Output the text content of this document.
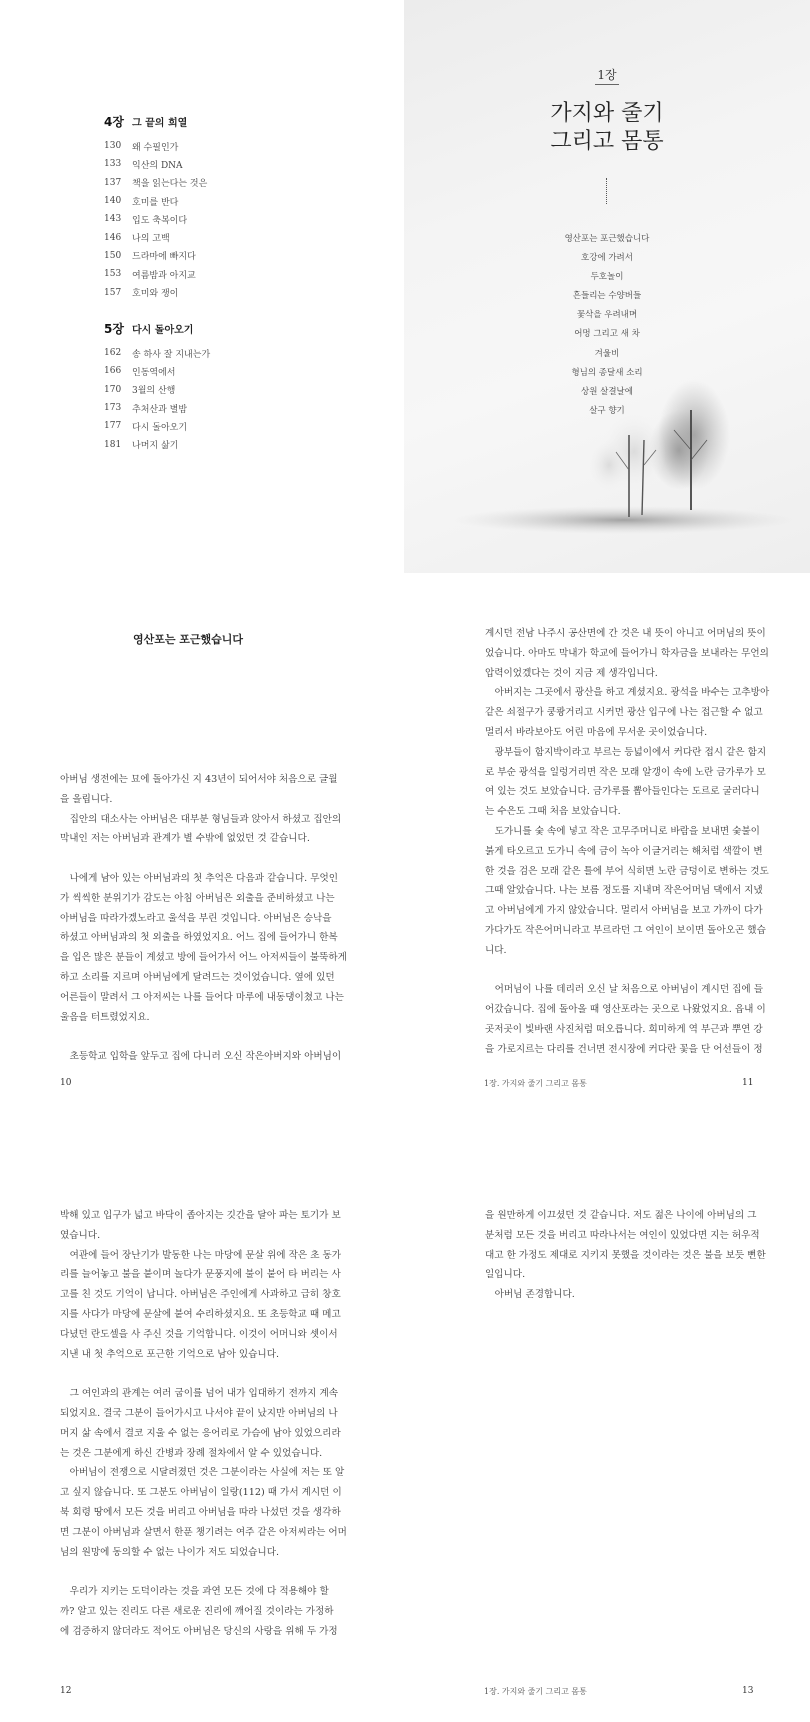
4장 그 끝의 희열
130	왜 수필인가
133	익산의 DNA
137	책을 읽는다는 것은
140	호미를 반다
143	입도 축복이다
146	나의 고백
150	드라마에 빠지다
153	여름밤과 아지교
157	호미와 쟁이
5장 다시 돌아오기
162	송 하사 잘 지내는가
166	인동역에서
170	3월의 산행
173	추처산과 별밤
177	다시 돌아오기
181	나머지 삶기
1장
가지와 줄기
그리고 몸통
영산포는 포근했습니다
호강에 가려서
두호놀이
흔들리는 수양버들
꽃삭을 우려내며
어멍 그리고 새 차
겨울비
형님의 종달새 소리
상원 살결날에
살구 향기
영산포는 포근했습니다

아버님 생전에는 묘에 돌아가신 지 43년이 되어서야 처음으로 글월

을 올립니다.

　집안의 대소사는 아버님은 대부분 형님들과 앉아서 하셨고 집안의

막내인 저는 아버님과 관계가 별 수밖에 없었던 것 같습니다.

　나에게 남아 있는 아버님과의 첫 추억은 다음과 같습니다. 무엇인

가 씩씩한 분위기가 감도는 아침 아버님은 외출을 준비하셨고 나는

아버님을 따라가겠노라고 울석을 부린 것입니다. 아버님은 승낙을

하셨고 아버님과의 첫 외출을 하였었지요. 어느 집에 들어가니 한복

을 입은 많은 분들이 계셨고 방에 들어가서 어느 아저씨들이 불뚝하게

하고 소리를 지르며 아버님에게 달려드는 것이었습니다. 옆에 있던

어른들이 말려서 그 아저씨는 나를 들어다 마루에 내동댕이쳤고 나는

울음을 터트렸었지요.

　초등학교 입학을 앞두고 집에 다니러 오신 작은아버지와 아버님이

계시던 전남 나주시 공산면에 간 것은 내 뜻이 아니고 어머님의 뜻이

었습니다. 아마도 막내가 학교에 들어가니 학자금을 보내라는 무언의

압력이었겠다는 것이 지금 제 생각입니다.

　아버지는 그곳에서 광산을 하고 계셨지요. 광석을 바수는 고추방아

같은 쇠절구가 쿵쾅거리고 시커먼 광산 입구에 나는 접근할 수 없고

멀리서 바라보아도 어린 마음에 무서운 곳이었습니다.

　광부들이 함지박이라고 부르는 등넓이에서 커다란 접시 같은 함지

로 부순 광석을 일렁거리면 작은 모래 알갱이 속에 노란 금가루가 모

여 있는 것도 보았습니다. 금가루를 뽑아들인다는 도르로 굴러다니

는 수은도 그때 처음 보았습니다.

　도가니를 숯 속에 넣고 작은 고무주머니로 바람을 보내면 숯불이

붉게 타오르고 도가니 속에 금이 녹아 이글거리는 해처럼 색깔이 변

한 것을 검은 모래 같은 틀에 부어 식히면 노란 금덩이로 변하는 것도

그때 알았습니다. 나는 보름 정도를 지내며 작은어머님 댁에서 지냈

고 아버님에게 가지 않았습니다. 멀리서 아버님을 보고 가까이 다가

가다가도 작은어머니라고 부르라던 그 여인이 보이면 돌아오곤 했습

니다.

　어머님이 나를 데리러 오신 날 처음으로 아버님이 계시던 집에 들

어갔습니다. 집에 돌아올 때 영산포라는 곳으로 나왔었지요. 읍내 이

곳저곳이 빛바랜 사진처럼 떠오릅니다. 희미하게 역 부근과 뿌연 강

을 가로지르는 다리를 건너면 전시장에 커다란 꽃을 단 어선들이 정

10	1장. 가지와 줄기 그리고 몸통	11

박해 있고 입구가 넓고 바닥이 좁아지는 깃간을 달아 파는 토기가 보

였습니다.

　여관에 들어 장난기가 발동한 나는 마당에 문살 위에 작은 초 동가

리를 늘어놓고 불을 붙이며 놀다가 문풍지에 불이 붙어 타 버리는 사

고를 친 것도 기억이 납니다. 아버님은 주인에게 사과하고 급히 창호

지를 사다가 마당에 문살에 붙여 수리하셨지요. 또 초등학교 때 메고

다녔던 란도셀을 사 주신 것을 기억합니다. 이것이 어머니와 셋이서

지낸 내 첫 추억으로 포근한 기억으로 남아 있습니다.

　그 여인과의 관계는 여러 굽이를 넘어 내가 입대하기 전까지 계속

되었지요. 결국 그분이 들어가시고 나서야 끝이 났지만 아버님의 나

머지 삶 속에서 결코 지울 수 없는 응어리로 가슴에 남아 있었으리라

는 것은 그분에게 하신 간병과 장례 절차에서 알 수 있었습니다.

　아버님이 전쟁으로 시달려졌던 것은 그분이라는 사실에 저는 또 알

고 싶지 않습니다. 또 그분도 아버님이 일랑(112) 때 가서 계시던 이

북 회령 땅에서 모든 것을 버리고 아버님을 따라 나섰던 것을 생각하

면 그분이 아버님과 살면서 한푼 챙기려는 여주 같은 아저씨라는 어머

님의 원망에 동의할 수 없는 나이가 저도 되었습니다.

　우리가 지키는 도덕이라는 것을 과연 모든 것에 다 적용해야 할

까? 알고 있는 진리도 다른 새로운 진리에 깨어질 것이라는 가정하

에 검증하지 않더라도 적어도 아버님은 당신의 사랑을 위해 두 가정

을 원만하게 이끄셨던 것 같습니다. 저도 젊은 나이에 아버님의 그

분처럼 모든 것을 버리고 따라나서는 여인이 있었다면 지는 허우적

대고 한 가정도 제대로 지키지 못했을 것이라는 것은 불을 보듯 뻔한

일입니다.

　아버님 존경합니다.

12	1장. 가지와 줄기 그리고 몸통	13
